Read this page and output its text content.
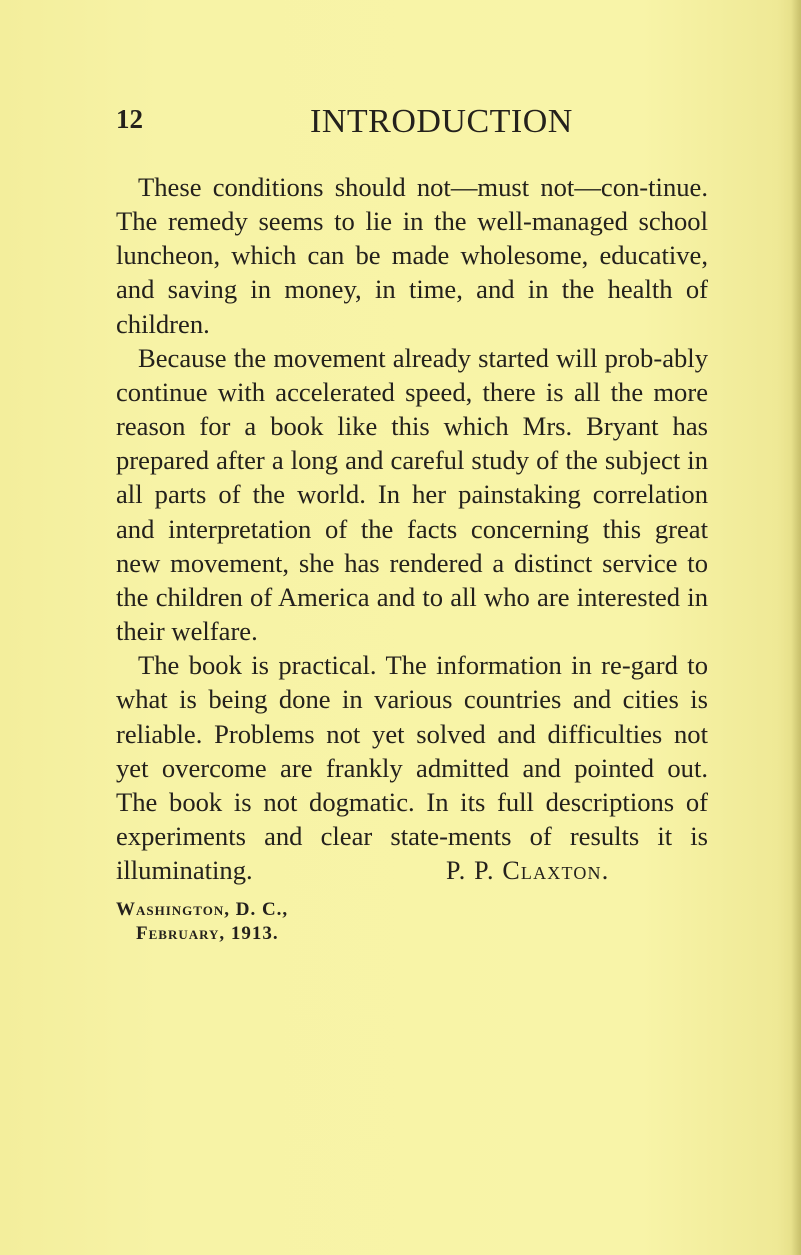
12	INTRODUCTION

These conditions should not—must not—con-tinue. The remedy seems to lie in the well-managed school luncheon, which can be made wholesome, educative, and saving in money, in time, and in the health of children.

Because the movement already started will prob-ably continue with accelerated speed, there is all the more reason for a book like this which Mrs. Bryant has prepared after a long and careful study of the subject in all parts of the world. In her painstaking correlation and interpretation of the facts concerning this great new movement, she has rendered a distinct service to the children of America and to all who are interested in their welfare.

The book is practical. The information in re-gard to what is being done in various countries and cities is reliable. Problems not yet solved and difficulties not yet overcome are frankly admitted and pointed out. The book is not dogmatic. In its full descriptions of experiments and clear state-ments of results it is illuminating.	P. P. Claxton.
Washington, D. C.,
February, 1913.
